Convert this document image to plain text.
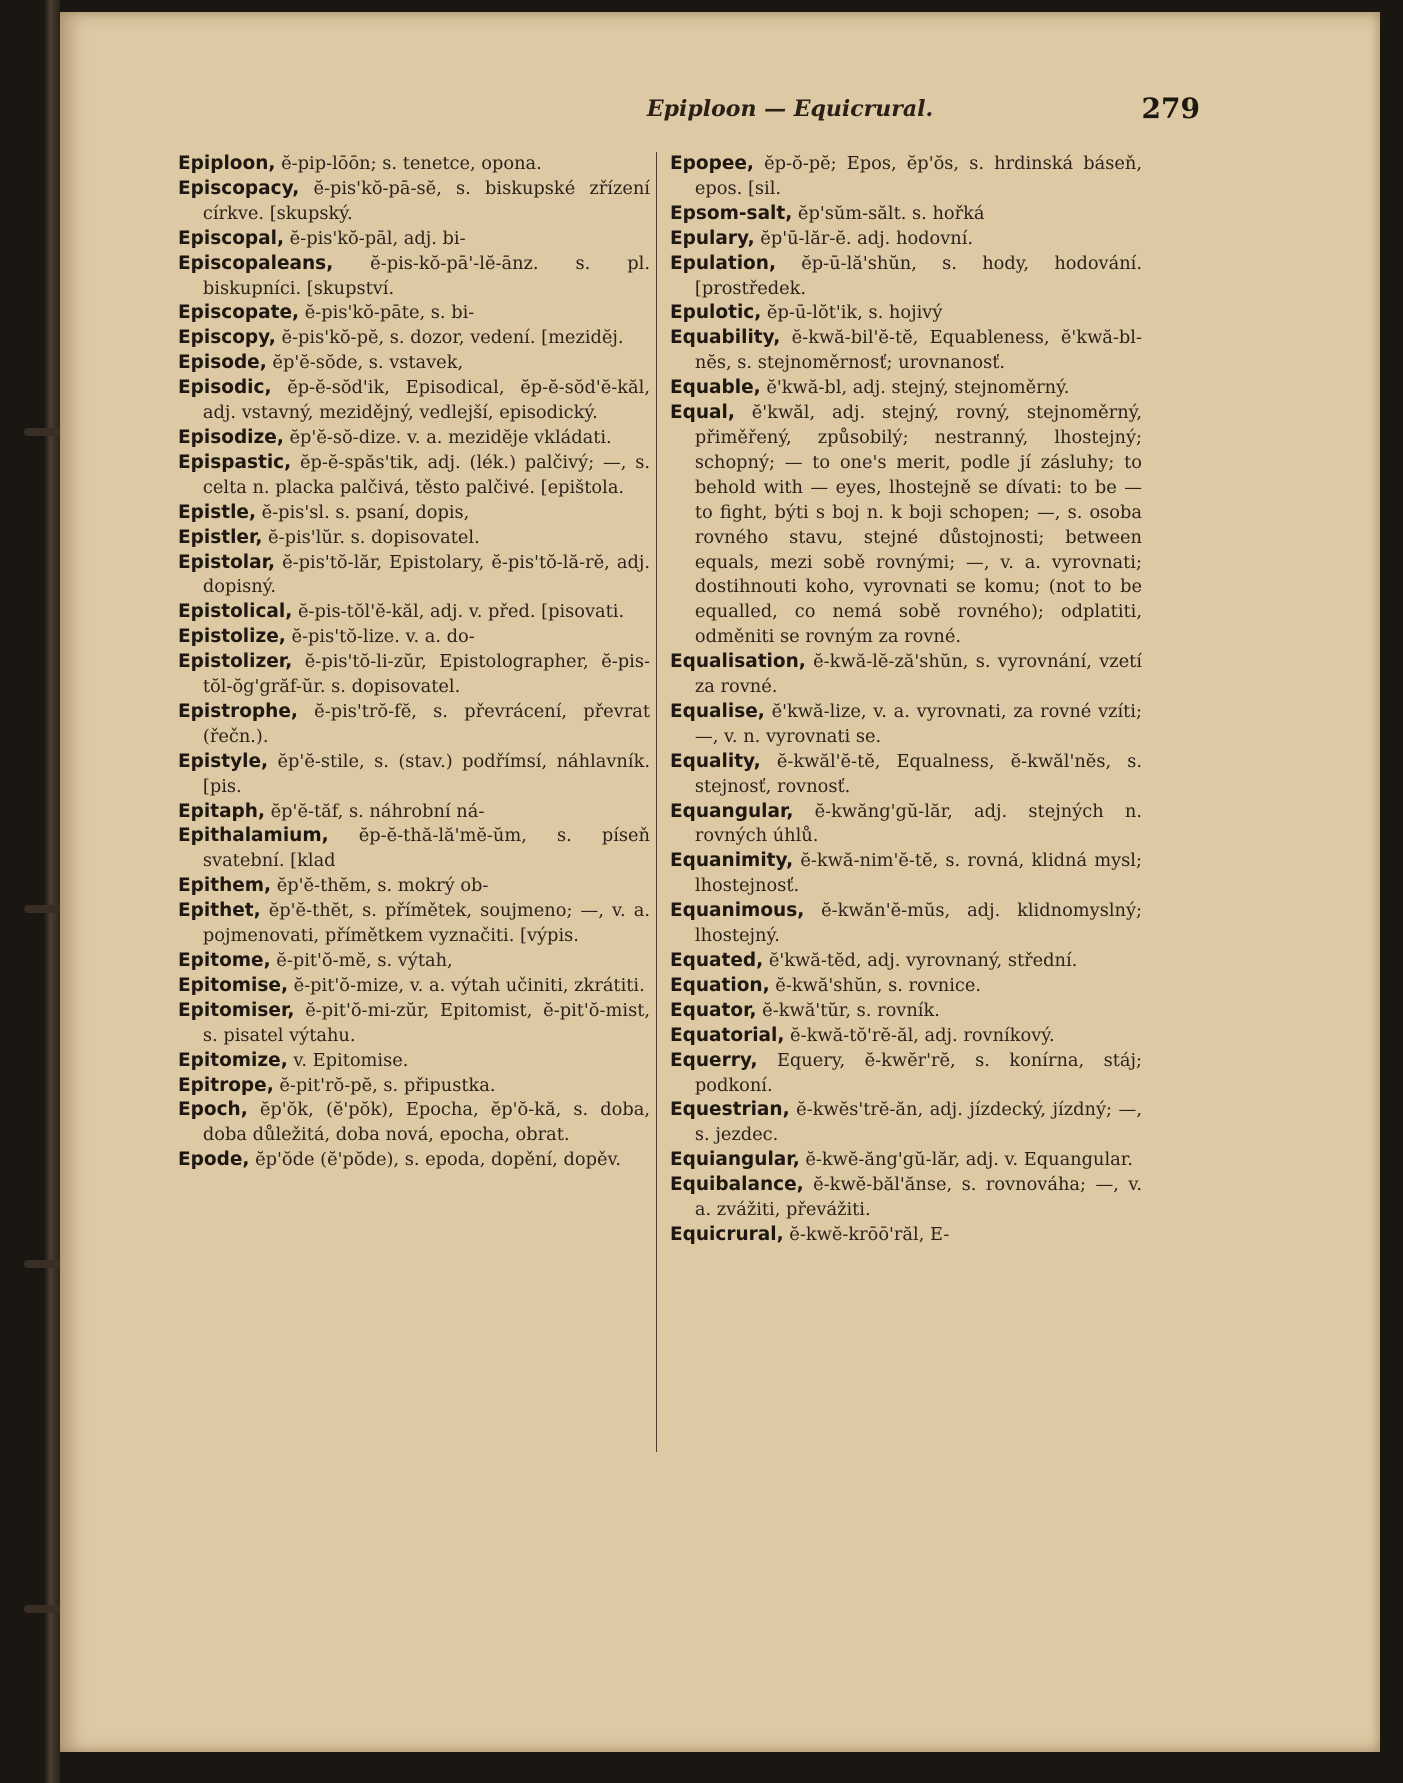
Epiploon — Equicrural.	279

Epiploon, ĕ-pip-lōōn; s. tenetce, opona.

Episcopacy, ĕ-pis'kŏ-pā-sĕ, s. biskupské zřízení církve. [skupský.

Episcopal, ĕ-pis'kŏ-pāl, adj. bi-

Episcopaleans, ĕ-pis-kŏ-pā'-lĕ-ānz. s. pl. biskupníci. [skupství.

Episcopate, ĕ-pis'kŏ-pāte, s. bi-

Episcopy, ĕ-pis'kŏ-pĕ, s. dozor, vedení. [mezidĕj.

Episode, ĕp'ĕ-sŏde, s. vstavek,

Episodic, ĕp-ĕ-sŏd'ik, Episodical, ĕp-ĕ-sŏd'ĕ-kăl, adj. vstavný, mezidějný, vedlejší, episodický.

Episodize, ĕp'ĕ-sŏ-dize. v. a. mezidĕje vkládati.

Epispastic, ĕp-ĕ-spăs'tik, adj. (lék.) palčivý; —, s. celta n. placka palčivá, těsto palčivé. [epištola.

Epistle, ĕ-pis'sl. s. psaní, dopis,

Epistler, ĕ-pis'lŭr. s. dopisovatel.

Epistolar, ĕ-pis'tŏ-lăr, Epistolary, ĕ-pis'tŏ-lă-rĕ, adj. dopisný.

Epistolical, ĕ-pis-tŏl'ĕ-kăl, adj. v. před. [pisovati.

Epistolize, ĕ-pis'tŏ-lize. v. a. do-

Epistolizer, ĕ-pis'tŏ-li-zŭr, Epistolographer, ĕ-pis-tŏl-ŏg'grăf-ŭr. s. dopisovatel.

Epistrophe, ĕ-pis'trŏ-fĕ, s. převrácení, převrat (řečn.).

Epistyle, ĕp'ĕ-stile, s. (stav.) podřímsí, náhlavník. [pis.

Epitaph, ĕp'ĕ-tăf, s. náhrobní ná-

Epithalamium, ĕp-ĕ-thă-lă'mĕ-ŭm, s. píseň svatební. [klad

Epithem, ĕp'ĕ-thĕm, s. mokrý ob-

Epithet, ĕp'ĕ-thĕt, s. přímětek, soujmeno; —, v. a. pojmenovati, přímětkem vyznačiti. [výpis.

Epitome, ĕ-pit'ŏ-mĕ, s. výtah,

Epitomise, ĕ-pit'ŏ-mize, v. a. výtah učiniti, zkrátiti.

Epitomiser, ĕ-pit'ŏ-mi-zŭr, Epitomist, ĕ-pit'ŏ-mist, s. pisatel výtahu.

Epitomize, v. Epitomise.

Epitrope, ĕ-pit'rŏ-pĕ, s. připustka.

Epoch, ĕp'ŏk, (ĕ'pŏk), Epocha, ĕp'ŏ-kă, s. doba, doba důležitá, doba nová, epocha, obrat.

Epode, ĕp'ŏde (ĕ'pŏde), s. epoda, dopění, dopěv.

Epopee, ĕp-ŏ-pĕ; Epos, ĕp'ŏs, s. hrdinská báseň, epos. [sil.

Epsom-salt, ĕp'sŭm-sălt. s. hořká

Epulary, ĕp'ū-lăr-ĕ. adj. hodovní.

Epulation, ĕp-ū-lă'shŭn, s. hody, hodování. [prostředek.

Epulotic, ĕp-ū-lŏt'ik, s. hojivý

Equability, ĕ-kwă-bil'ĕ-tĕ, Equableness, ĕ'kwă-bl-nĕs, s. stejnoměrnosť; urovnanosť.

Equable, ĕ'kwă-bl, adj. stejný, stejnoměrný.

Equal, ĕ'kwăl, adj. stejný, rovný, stejnoměrný, přiměřený, způsobilý; nestranný, lhostejný; schopný; — to one's merit, podle jí zásluhy; to behold with — eyes, lhostejně se dívati: to be — to fight, býti s boj n. k boji schopen; —, s. osoba rovného stavu, stejné důstojnosti; between equals, mezi sobě rovnými; —, v. a. vyrovnati; dostihnouti koho, vyrovnati se komu; (not to be equalled, co nemá sobě rovného); odplatiti, odměniti se rovným za rovné.

Equalisation, ĕ-kwă-lĕ-ză'shŭn, s. vyrovnání, vzetí za rovné.

Equalise, ĕ'kwă-lize, v. a. vyrovnati, za rovné vzíti; —, v. n. vyrovnati se.

Equality, ĕ-kwăl'ĕ-tĕ, Equalness, ĕ-kwăl'nĕs, s. stejnosť, rovnosť.

Equangular, ĕ-kwăng'gŭ-lăr, adj. stejných n. rovných úhlů.

Equanimity, ĕ-kwă-nim'ĕ-tĕ, s. rovná, klidná mysl; lhostejnosť.

Equanimous, ĕ-kwăn'ĕ-mŭs, adj. klidnomyslný; lhostejný.

Equated, ĕ'kwă-tĕd, adj. vyrovnaný, střední.

Equation, ĕ-kwă'shŭn, s. rovnice.

Equator, ĕ-kwă'tŭr, s. rovník.

Equatorial, ĕ-kwă-tŏ'rĕ-ăl, adj. rovníkový.

Equerry, Equery, ĕ-kwĕr'rĕ, s. konírna, stáj; podkoní.

Equestrian, ĕ-kwĕs'trĕ-ăn, adj. jízdecký, jízdný; —, s. jezdec.

Equiangular, ĕ-kwĕ-ăng'gŭ-lăr, adj. v. Equangular.

Equibalance, ĕ-kwĕ-băl'ănse, s. rovnováha; —, v. a. zvážiti, převážiti.

Equicrural, ĕ-kwĕ-krōō'răl, E-
